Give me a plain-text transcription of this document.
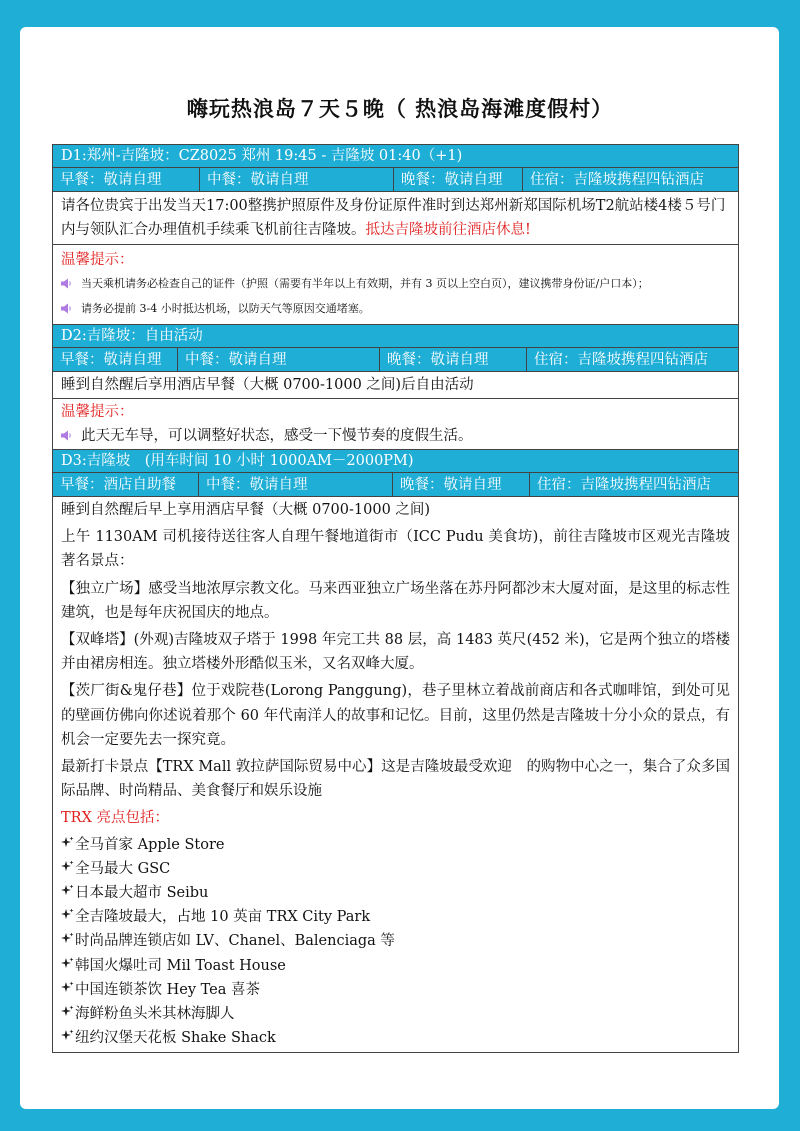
嗨玩热浪岛７天５晚（ 热浪岛海滩度假村）
D1:郑州-吉隆坡：CZ8025 郑州 19:45 - 吉隆坡 01:40（+1)
早餐：敬请自理	中餐：敬请自理	晚餐：敬请自理	住宿：吉隆坡携程四钻酒店
请各位贵宾于出发当天17:00整携护照原件及身份证原件准时到达郑州新郑国际机场T2航站楼4楼５号门内与领队汇合办理值机手续乘飞机前往吉隆坡。抵达吉隆坡前往酒店休息!
温馨提示：
当天乘机请务必检查自己的证件（护照（需要有半年以上有效期，并有 3 页以上空白页），建议携带身份证/户口本）；
请务必提前 3-4 小时抵达机场，以防天气等原因交通堵塞。
D2:吉隆坡：自由活动
早餐：敬请自理	中餐：敬请自理	晚餐：敬请自理	住宿：吉隆坡携程四钻酒店
睡到自然醒后享用酒店早餐（大概 0700-1000 之间)后自由活动
温馨提示：
此天无车导，可以调整好状态，感受一下慢节奏的度假生活。
D3:吉隆坡　(用车时间 10 小时 1000AM－2000PM)
早餐：酒店自助餐	中餐：敬请自理	晚餐：敬请自理	住宿：吉隆坡携程四钻酒店
睡到自然醒后早上享用酒店早餐（大概 0700-1000 之间)
上午 1130AM 司机接待送往客人自理午餐地道街市（ICC Pudu 美食坊)，前往吉隆坡市区观光吉隆坡著名景点：
【独立广场】感受当地浓厚宗教文化。马来西亚独立广场坐落在苏丹阿都沙末大厦对面，是这里的标志性建筑，也是每年庆祝国庆的地点。
【双峰塔】(外观)吉隆坡双子塔于 1998 年完工共 88 层，高 1483 英尺(452 米)，它是两个独立的塔楼并由裙房相连。独立塔楼外形酷似玉米，又名双峰大厦。
【茨厂街&鬼仔巷】位于戏院巷(Lorong Panggung)，巷子里林立着战前商店和各式咖啡馆，到处可见的壁画仿佛向你述说着那个 60 年代南洋人的故事和记忆。目前，这里仍然是吉隆坡十分小众的景点，有机会一定要先去一探究竟。
最新打卡景点【TRX Mall 敦拉萨国际贸易中心】这是吉隆坡最受欢迎　的购物中心之一，集合了众多国际品牌、时尚精品、美食餐厅和娱乐设施
TRX 亮点包括：
全马首家 Apple Store
全马最大 GSC
日本最大超市 Seibu
全吉隆坡最大，占地 10 英亩 TRX City Park
时尚品牌连锁店如 LV、Chanel、Balenciaga 等
韩国火爆吐司 Mil Toast House
中国连锁茶饮 Hey Tea 喜茶
海鲜粉鱼头米其林海脚人
纽约汉堡天花板 Shake Shack
